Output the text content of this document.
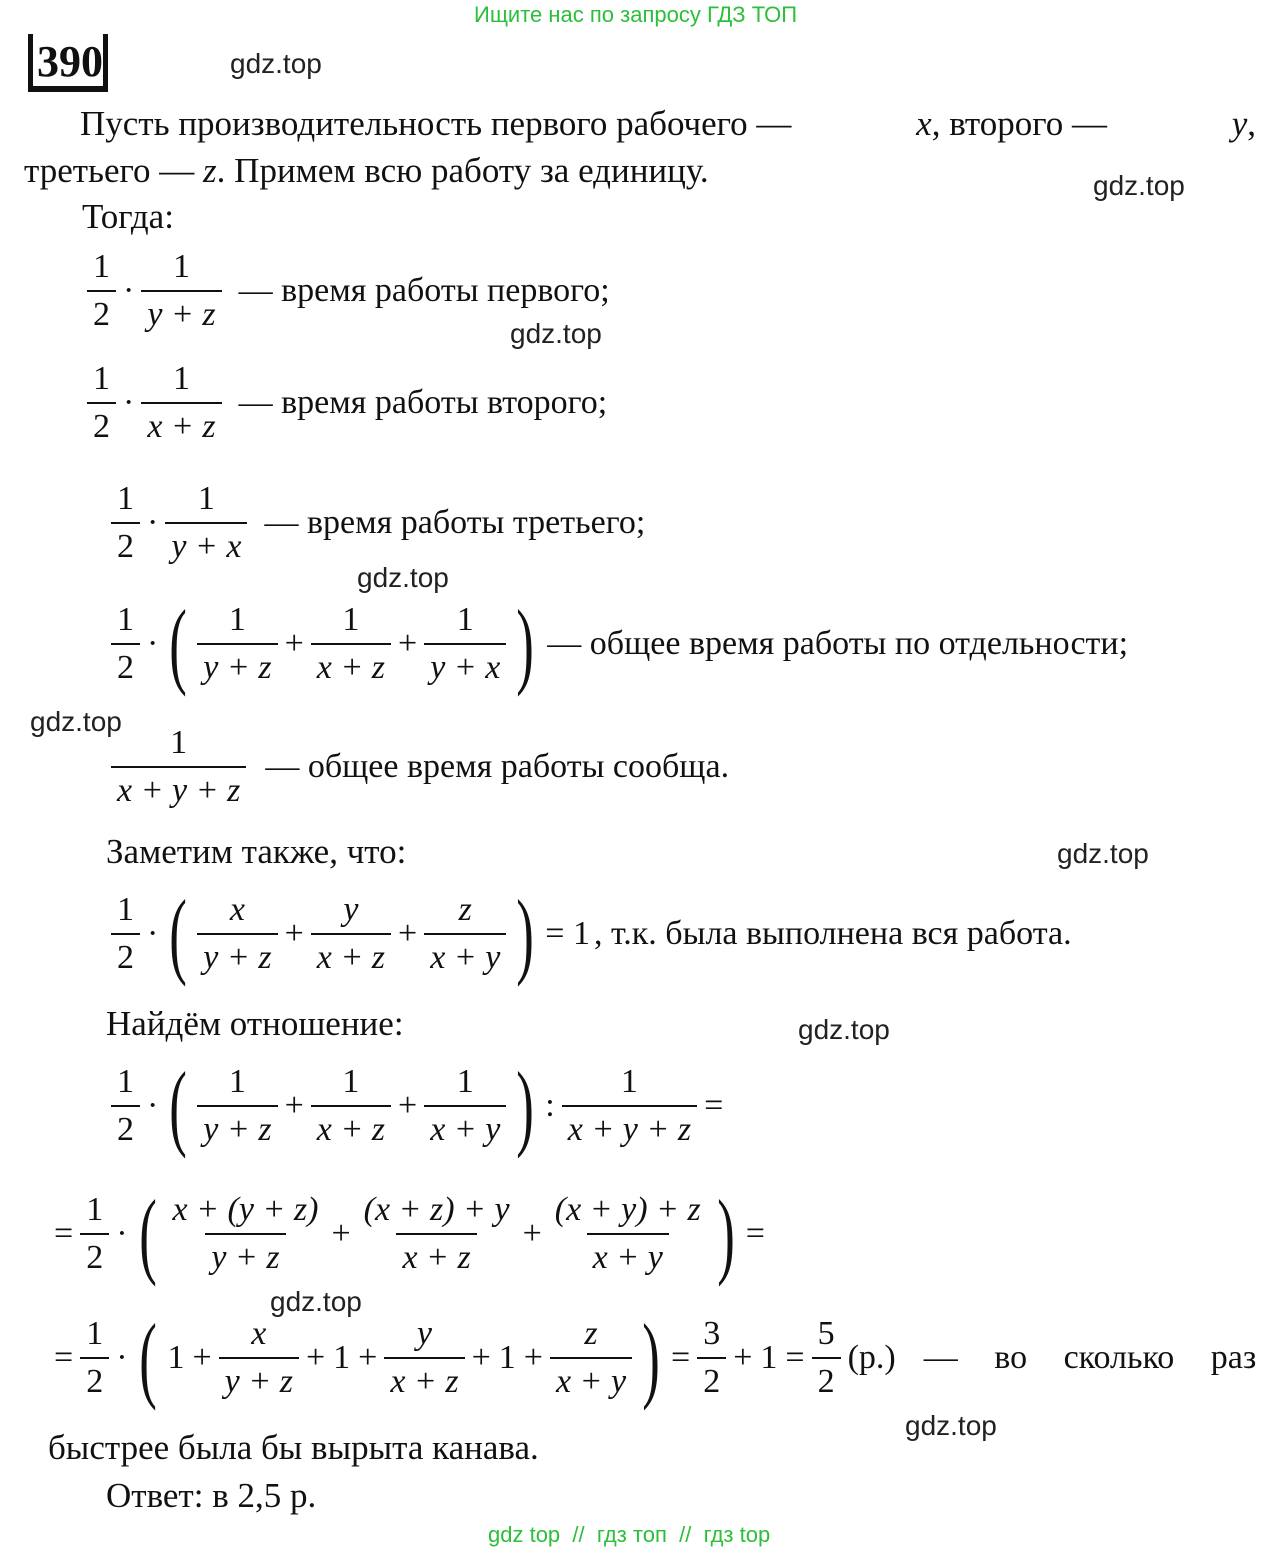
Ищите нас по запросу ГДЗ ТОП
390	gdz.top
gdz.top
gdz.top
gdz.top
gdz.top
gdz.top
gdz.top
gdz.top
gdz.top
Пусть производительность первого рабочего —	x, второго —	y,
третьего — z. Примем всю работу за единицу.
Тогда:
$\frac{1}{2} \cdot \frac{1}{y + z}$ — время работы первого;
$\frac{1}{2} \cdot \frac{1}{x + z}$ — время работы второго;
$\frac{1}{2} \cdot \frac{1}{y + x}$ — время работы третьего;
$\frac{1}{2}$ · ( $\frac{1}{y + z} + \frac{1}{x + z} + \frac{1}{y + x}$ ) — общее время работы по отдельности;
$\frac{1}{x + y + z}$ — общее время работы сообща.
Заметим также, что:
$\frac{1}{2}$ · ( $\frac{x}{y + z} + \frac{y}{x + z} + \frac{z}{x + y}$ ) = 1 , т.к. была выполнена вся работа.
Найдём отношение:
$\frac{1}{2}$ · ( $\frac{1}{y + z} + \frac{1}{x + z} + \frac{1}{x + y}$ ) : $\frac{1}{x + y + z}$ =
= $\frac{1}{2}$ · ( $\frac{x + (y + z)}{y + z} + \frac{(x + z) + y}{x + z} + \frac{(x + y) + z}{x + y}$ ) =
= $\frac{1}{2}$ · ( $1 + \frac{x}{y + z} + 1 + \frac{y}{x + z} + 1 + \frac{z}{x + y}$ ) = $\frac{3}{2} + 1 = \frac{5}{2} (р.)$ — во сколько раз
быстрее была бы вырыта канава.
Ответ: в 2,5 р.
gdz top  //  гдз топ  //  гдз top
